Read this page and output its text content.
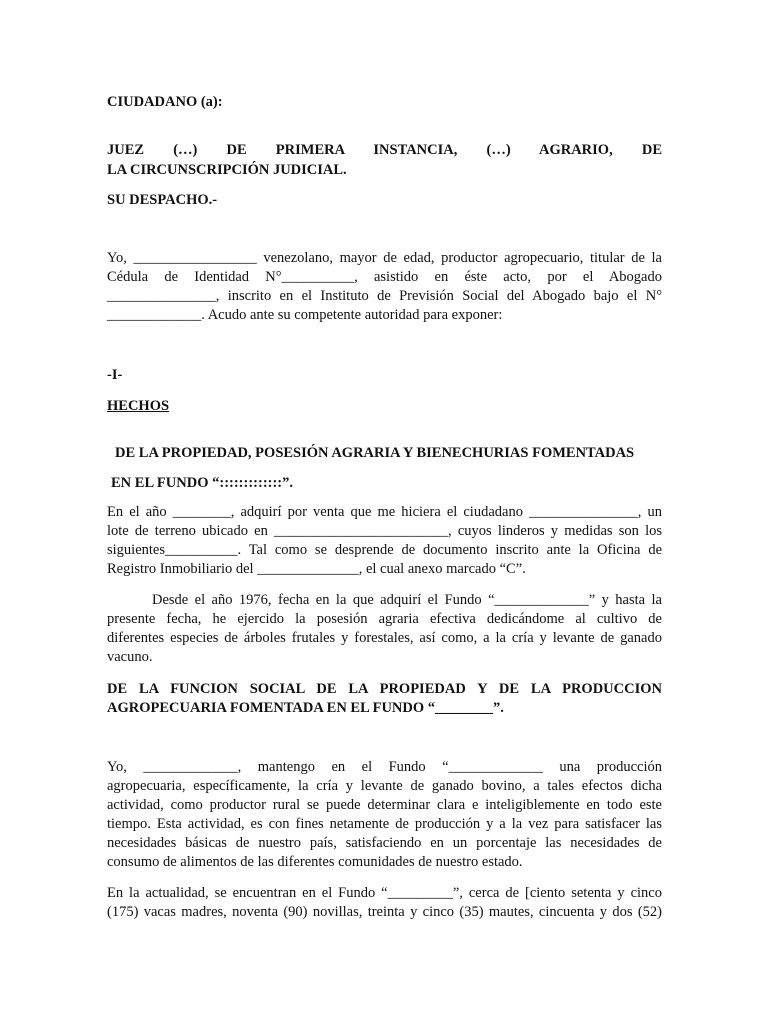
CIUDADANO (a):

JUEZ (…) DE PRIMERA INSTANCIA, (…) AGRARIO, DE

LA CIRCUNSCRIPCIÓN JUDICIAL.

SU DESPACHO.-

Yo, _________________ venezolano, mayor de edad, productor agropecuario, titular de la

Cédula de Identidad N°__________, asistido en éste acto, por el Abogado

_______________, inscrito en el Instituto de Previsión Social del Abogado bajo el N°

_____________. Acudo ante su competente autoridad para exponer:

-I-

HECHOS

DE LA PROPIEDAD, POSESIÓN AGRARIA Y BIENECHURIAS FOMENTADAS

EN EL FUNDO “:::::::::::::”.

En el año ________, adquirí por venta que me hiciera el ciudadano _______________, un

lote de terreno ubicado en ________________________, cuyos linderos y medidas son los

siguientes__________. Tal como se desprende de documento inscrito ante la Oficina de

Registro Inmobiliario del ______________, el cual anexo marcado “C”.

Desde el año 1976, fecha en la que adquirí el Fundo “_____________” y hasta la

presente fecha, he ejercido la posesión agraria efectiva dedicándome al cultivo de

diferentes especies de árboles frutales y forestales, así como, a la cría y levante de ganado

vacuno.

DE LA FUNCION SOCIAL DE LA PROPIEDAD Y DE LA PRODUCCION

AGROPECUARIA FOMENTADA EN EL FUNDO “________”.

Yo, _____________, mantengo en el Fundo “_____________ una producción

agropecuaria, específicamente, la cría y levante de ganado bovino, a tales efectos dicha

actividad, como productor rural se puede determinar clara e inteligiblemente en todo este

tiempo. Esta actividad, es con fines netamente de producción y a la vez para satisfacer las

necesidades básicas de nuestro país, satisfaciendo en un porcentaje las necesidades de

consumo de alimentos de las diferentes comunidades de nuestro estado.

En la actualidad, se encuentran en el Fundo “_________”, cerca de [ciento setenta y cinco

(175) vacas madres, noventa (90) novillas, treinta y cinco (35) mautes, cincuenta y dos (52)
